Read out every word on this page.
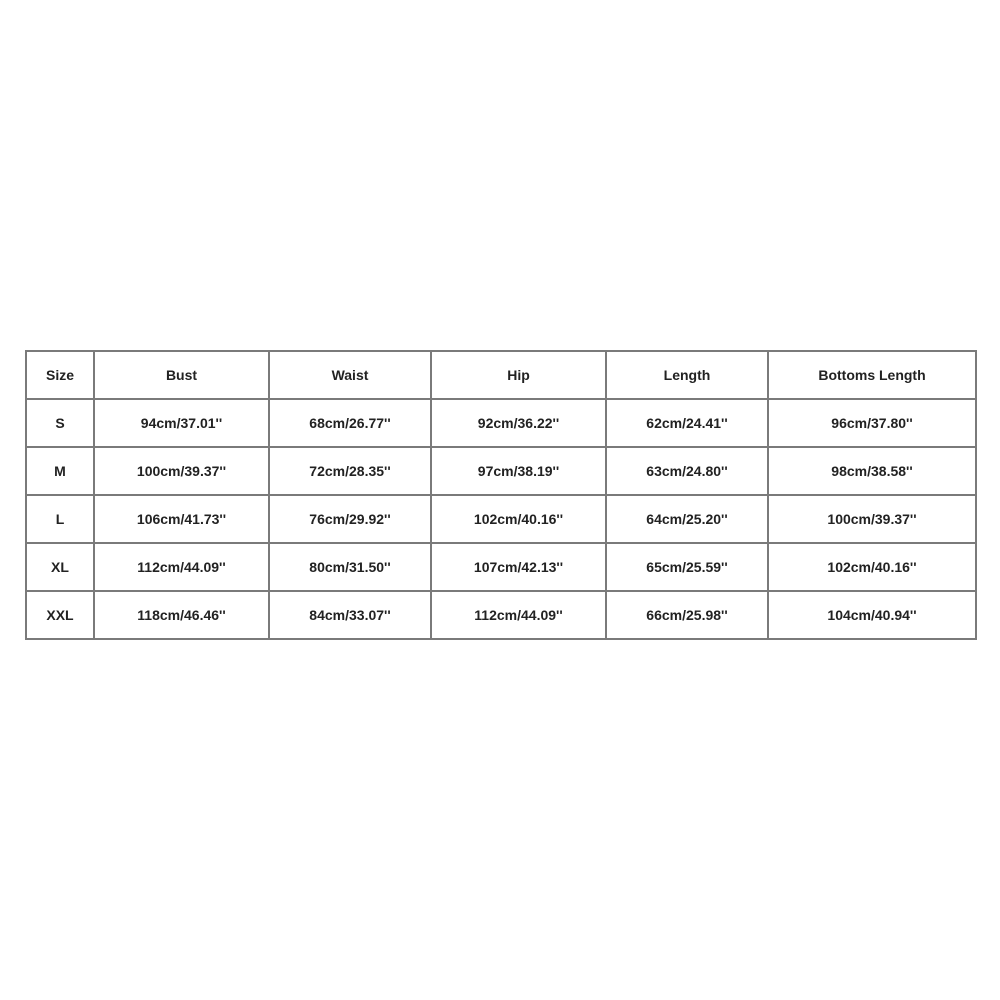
Size	Bust	Waist	Hip	Length	Bottoms Length
S	94cm/37.01''	68cm/26.77''	92cm/36.22''	62cm/24.41''	96cm/37.80''
M	100cm/39.37''	72cm/28.35''	97cm/38.19''	63cm/24.80''	98cm/38.58''
L	106cm/41.73''	76cm/29.92''	102cm/40.16''	64cm/25.20''	100cm/39.37''
XL	112cm/44.09''	80cm/31.50''	107cm/42.13''	65cm/25.59''	102cm/40.16''
XXL	118cm/46.46''	84cm/33.07''	112cm/44.09''	66cm/25.98''	104cm/40.94''
